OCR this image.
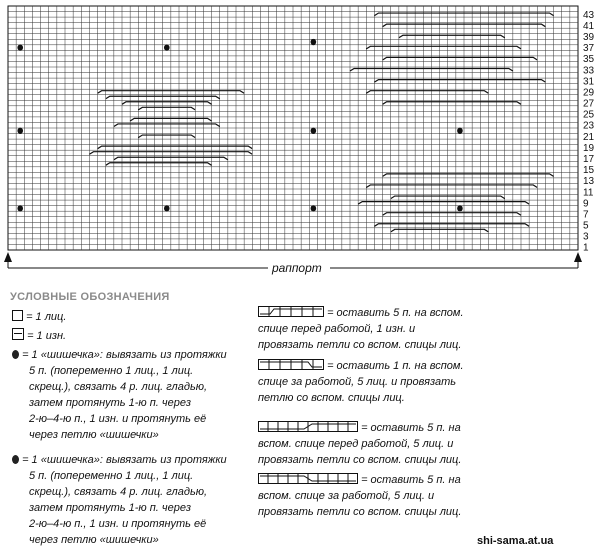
43
41
39
37
35
33
31
29
27
25
23
21
19
17
15
13
11
9
7
5
3
1
раппорт
УСЛОВНЫЕ ОБОЗНАЧЕНИЯ
= 1 лиц.
= 1 изн.
= 1 «шишечка»: вывязать из протяжки
5 п. (попеременно 1 лиц., 1 лиц.
скрещ.), связать 4 р. лиц. гладью,
затем протянуть 1-ю п. через
2-ю–4-ю п., 1 изн. и протянуть её
через петлю «шишечки»
= 1 «шишечка»: вывязать из протяжки
5 п. (попеременно 1 лиц., 1 лиц.
скрещ.), связать 4 р. лиц. гладью,
затем протянуть 1-ю п. через
2-ю–4-ю п., 1 изн. и протянуть её
через петлю «шишечки»
= оставить 5 п. на вспом.
спице перед работой, 1 изн. и
провязать петли со вспом. спицы лиц.
= оставить 1 п. на вспом.
спице за работой, 5 лиц. и провязать
петлю со вспом. спицы лиц.
= оставить 5 п. на
вспом. спице перед работой, 5 лиц. и
провязать петли со вспом. спицы лиц.
= оставить 5 п. на
вспом. спице за работой, 5 лиц. и
провязать петли со вспом. спицы лиц.
shi-sama.at.ua
